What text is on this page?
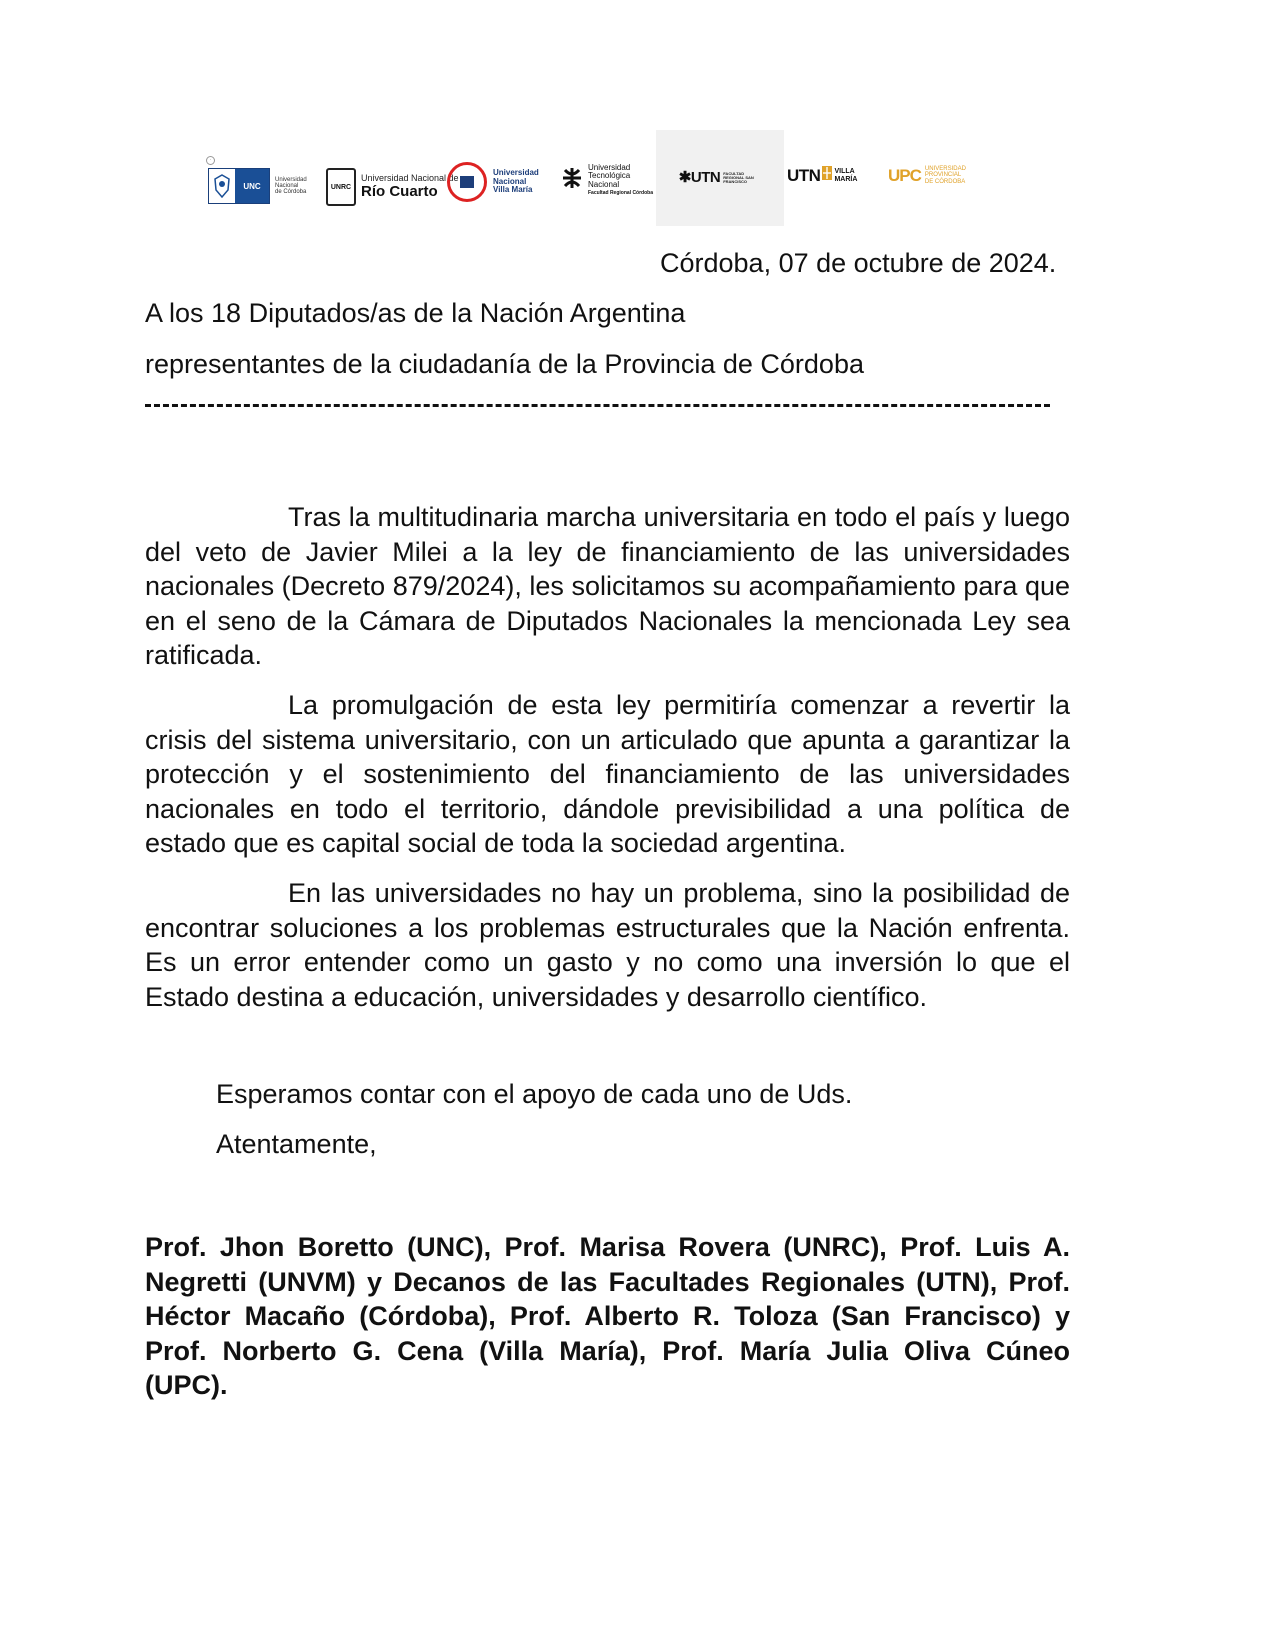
·
UNC
Universidad
Nacional
de Córdoba
UNRC
Universidad Nacional de
Río Cuarto
Universidad
Nacional
Villa María
Universidad
Tecnológica
Nacional
Facultad Regional Córdoba
✱UTN FACULTAD REGIONAL SAN FRANCISCO	UTN VILLA
MARÍA UPC UNIVERSIDAD
PROVINCIAL
DE CÓRDOBA
Córdoba, 07 de octubre de 2024.
A los 18 Diputados/as de la Nación Argentina
representantes de la ciudadanía de la Provincia de Córdoba

Tras la multitudinaria marcha universitaria en todo el país y luego del veto de Javier Milei a la ley de financiamiento de las universidades nacionales (Decreto 879/2024), les solicitamos su acompañamiento para que en el seno de la Cámara de Diputados Nacionales la mencionada Ley sea ratificada.

La promulgación de esta ley permitiría comenzar a revertir la crisis del sistema universitario, con un articulado que apunta a garantizar la protección y el sostenimiento del financiamiento de las universidades nacionales en todo el territorio, dándole previsibilidad a una política de estado que es capital social de toda la sociedad argentina.

En las universidades no hay un problema, sino la posibilidad de encontrar soluciones a los problemas estructurales que la Nación enfrenta. Es un error entender como un gasto y no como una inversión lo que el Estado destina a educación, universidades y desarrollo científico.

Esperamos contar con el apoyo de cada uno de Uds.
Atentamente,

Prof. Jhon Boretto (UNC), Prof. Marisa Rovera (UNRC), Prof. Luis A. Negretti (UNVM) y Decanos de las Facultades Regionales (UTN), Prof. Héctor Macaño (Córdoba), Prof. Alberto R. Toloza (San Francisco) y Prof. Norberto G. Cena (Villa María), Prof. María Julia Oliva Cúneo (UPC).
